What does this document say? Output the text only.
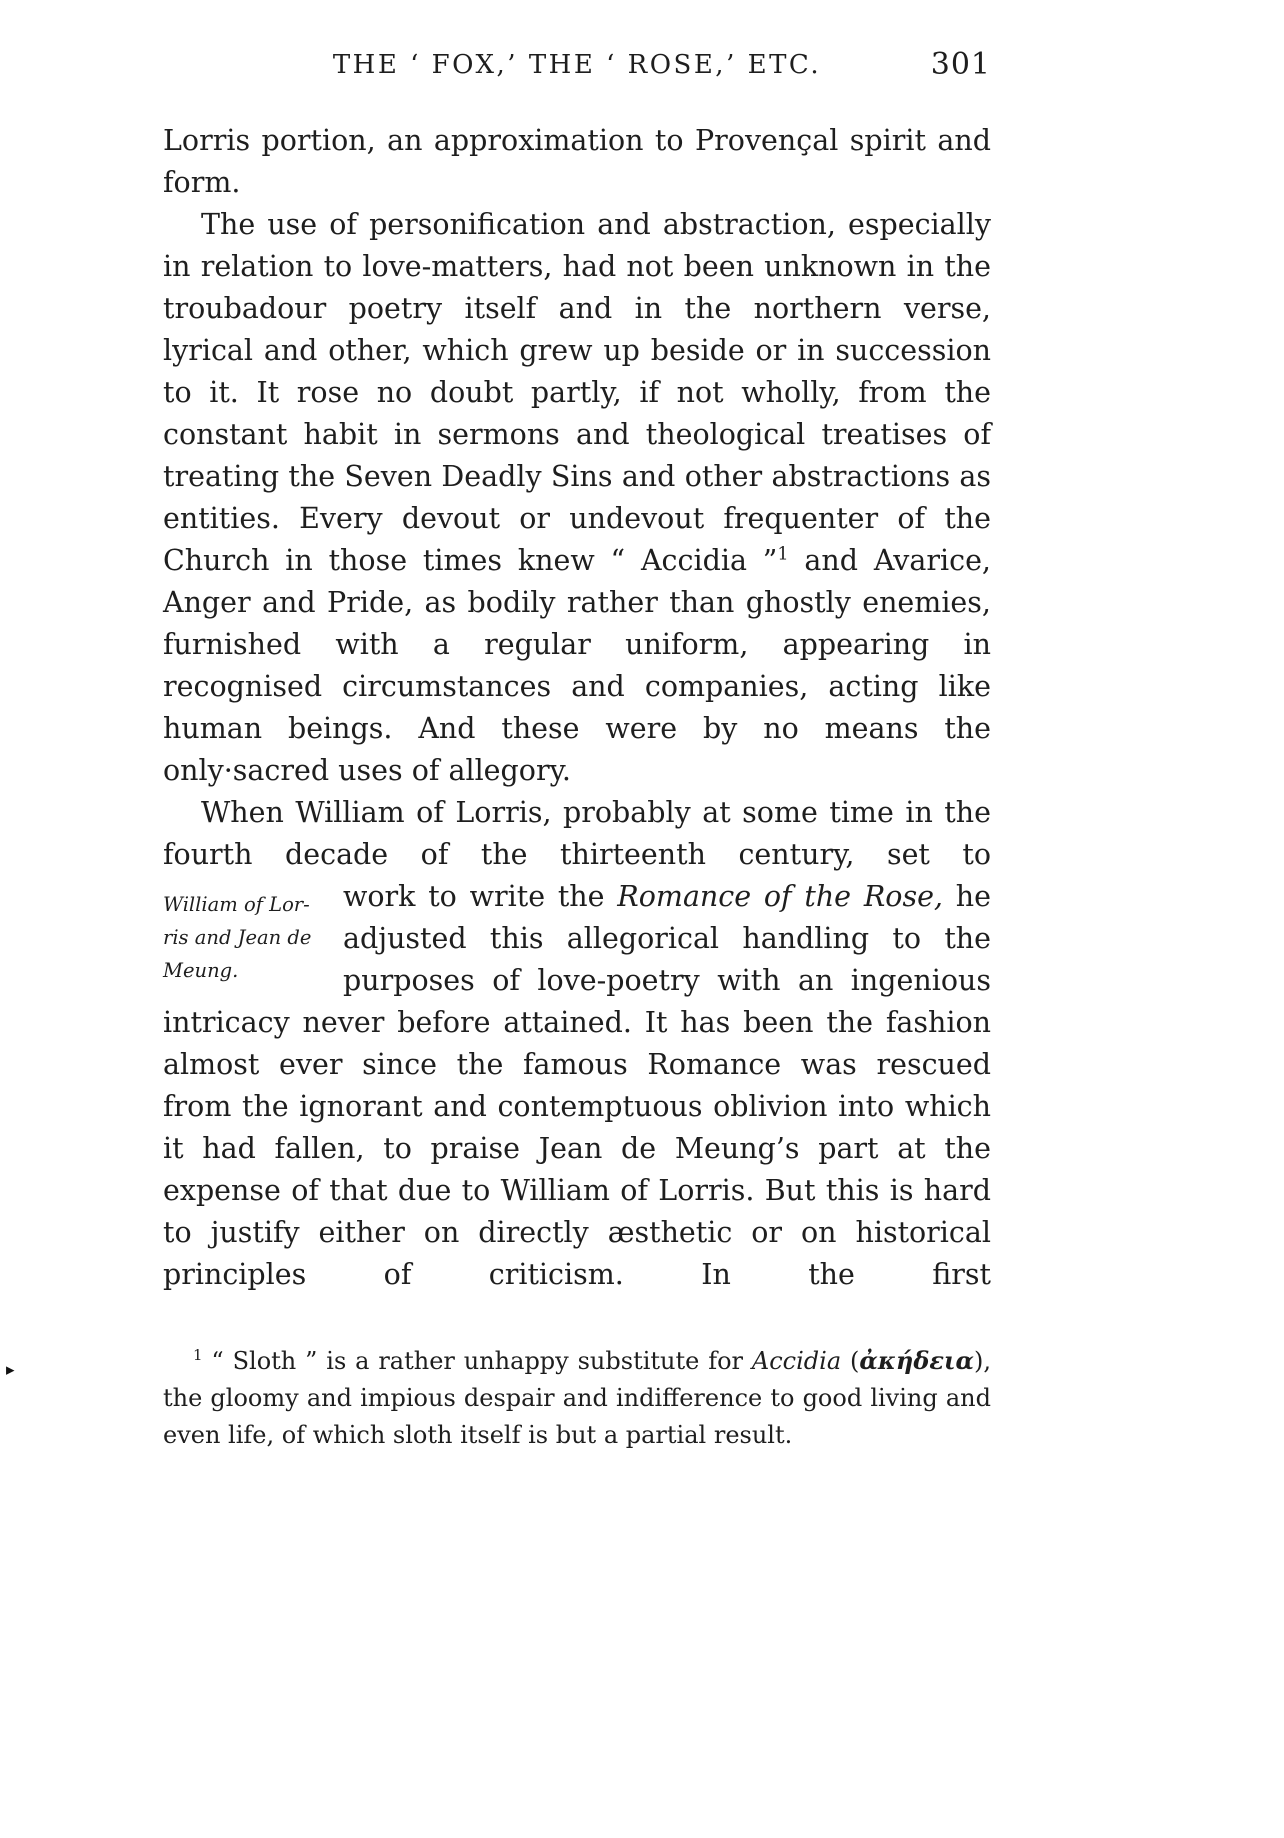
▸
THE ‘ FOX,’ THE ‘ ROSE,’ ETC.	301

Lorris portion, an approximation to Provençal spirit and form.

The use of personification and abstraction, especially in relation to love-matters, had not been unknown in the troubadour poetry itself and in the northern verse, lyrical and other, which grew up beside or in succession to it. It rose no doubt partly, if not wholly, from the constant habit in sermons and theological treatises of treating the Seven Deadly Sins and other abstractions as entities. Every devout or undevout frequenter of the Church in those times knew “ Accidia ”$^1$ and Avarice, Anger and Pride, as bodily rather than ghostly enemies, furnished with a regular uniform, appearing in recognised circumstances and companies, acting like human beings. And these were by no means the only·sacred uses of allegory.

When William of Lorris, probably at some time in the fourth decade of the thirteenth century, set to

William of Lor-
ris and Jean de
Meung.

work to write the Romance of the Rose, he adjusted this allegorical handling to the purposes of love-poetry with an ingenious

intricacy never before attained. It has been the fashion almost ever since the famous Romance was rescued from the ignorant and contemptuous oblivion into which it had fallen, to praise Jean de Meung’s part at the expense of that due to William of Lorris. But this is hard to justify either on directly æsthetic or on historical principles of criticism. In the first

$^1$ “ Sloth ” is a rather unhappy substitute for Accidia (ἀκήδεια), the gloomy and impious despair and indifference to good living and even life, of which sloth itself is but a partial result.
